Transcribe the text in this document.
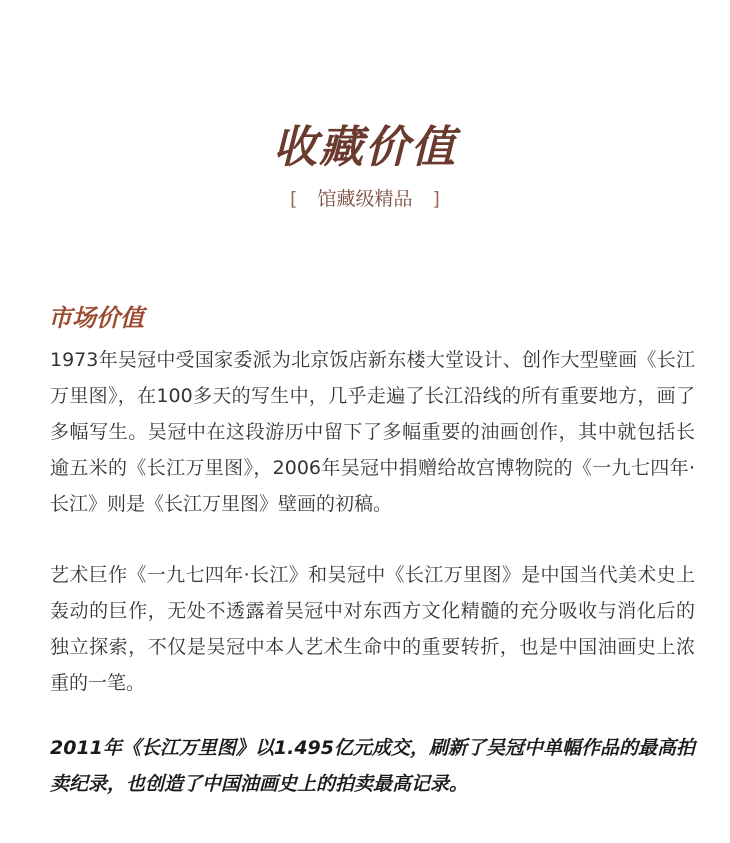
收藏价值
[ 馆藏级精品 ]
市场价值

1973年吴冠中受国家委派为北京饭店新东楼大堂设计、创作大型壁画《长江万里图》，在100多天的写生中，几乎走遍了长江沿线的所有重要地方，画了多幅写生。吴冠中在这段游历中留下了多幅重要的油画创作，其中就包括长逾五米的《长江万里图》，2006年吴冠中捐赠给故宫博物院的《一九七四年·长江》则是《长江万里图》壁画的初稿。

艺术巨作《一九七四年·长江》和吴冠中《长江万里图》是中国当代美术史上轰动的巨作，无处不透露着吴冠中对东西方文化精髓的充分吸收与消化后的独立探索，不仅是吴冠中本人艺术生命中的重要转折，也是中国油画史上浓重的一笔。

2011年《长江万里图》以1.495亿元成交，刷新了吴冠中单幅作品的最高拍卖纪录，也创造了中国油画史上的拍卖最高记录。
